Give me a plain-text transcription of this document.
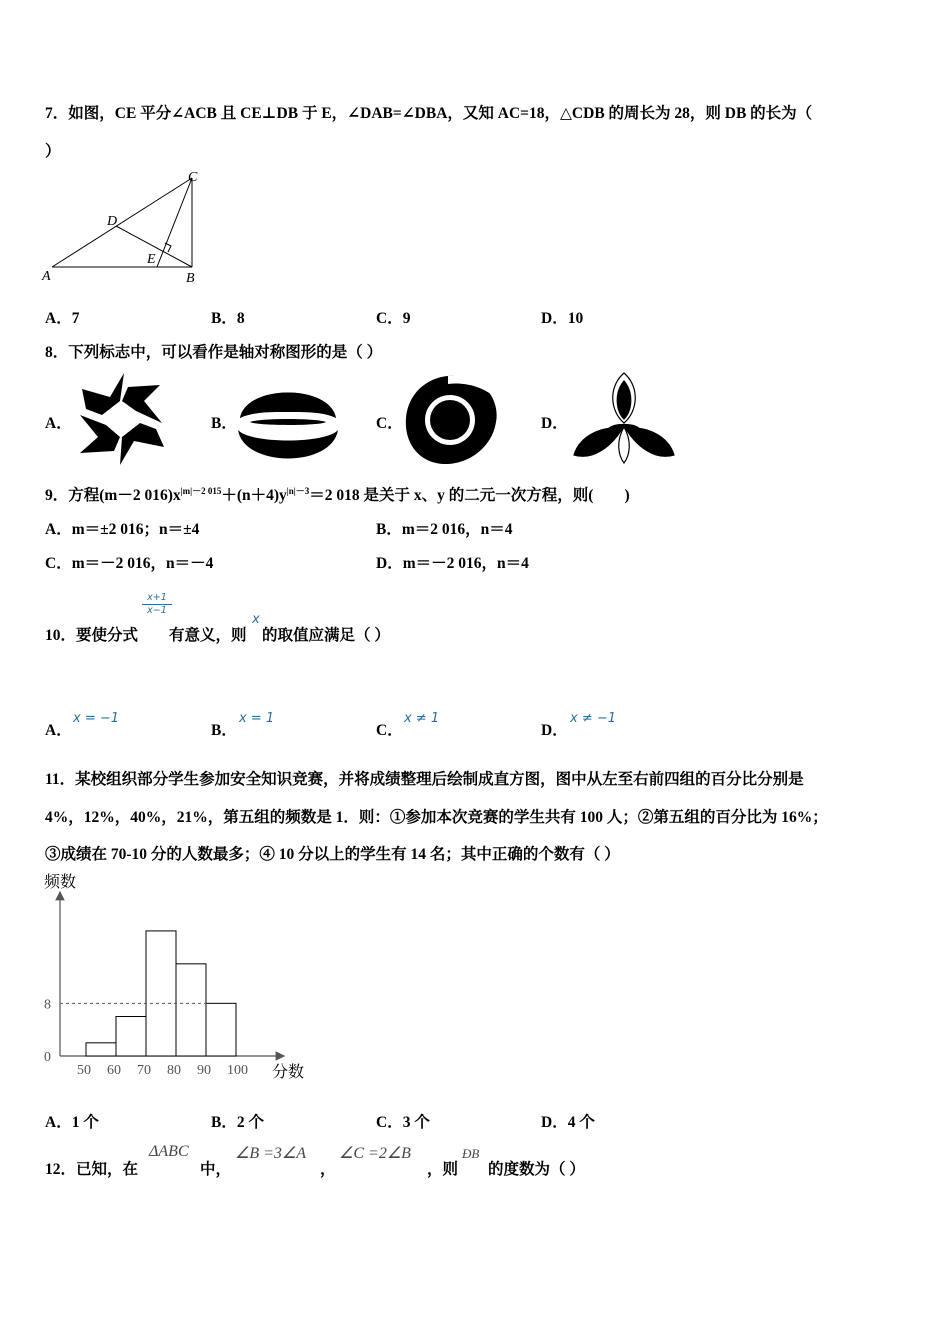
7．如图，CE 平分∠ACB 且 CE⊥DB 于 E，∠DAB=∠DBA，又知 AC=18，△CDB 的周长为 28，则 DB 的长为（
）
A	B
C
D
E
A．7	B．8	C．9	D．10
8．下列标志中，可以看作是轴对称图形的是（ ）
A．	B．	C．	D．
9．方程(m－2 $016)x^{|m|-2 015}+(n+4)y^{|n|-3}=2$ 018 是关于 x、y 的二元一次方程，则(　　)
A．m＝±2 016；n＝±4	B．m＝2 016，n＝4
C．m＝－2 016，n＝－4	D．m＝－2 016，n＝4
10．要使分式
$\frac{x+1}{x-1}$
有意义，则
x
的取值应满足（ ）
A．
x = −1
B．
x = 1
C．
x ≠ 1
D．
x ≠ −1
11．某校组织部分学生参加安全知识竞赛，并将成绩整理后绘制成直方图，图中从左至右前四组的百分比分别是
4%，12%，40%，21%，第五组的频数是 1．则：①参加本次竞赛的学生共有 100 人；②第五组的百分比为 16%；
③成绩在 70-10 分的人数最多；④ 10 分以上的学生有 14 名；其中正确的个数有（ ）
频数
分数
50 60 70 80 90 100
0
8
A．1 个	B．2 个	C．3 个	D．4 个
12．已知，在
ΔABC
中，
∠B =3∠A
，
∠C =2∠B
，则
ÐB
的度数为（ ）
